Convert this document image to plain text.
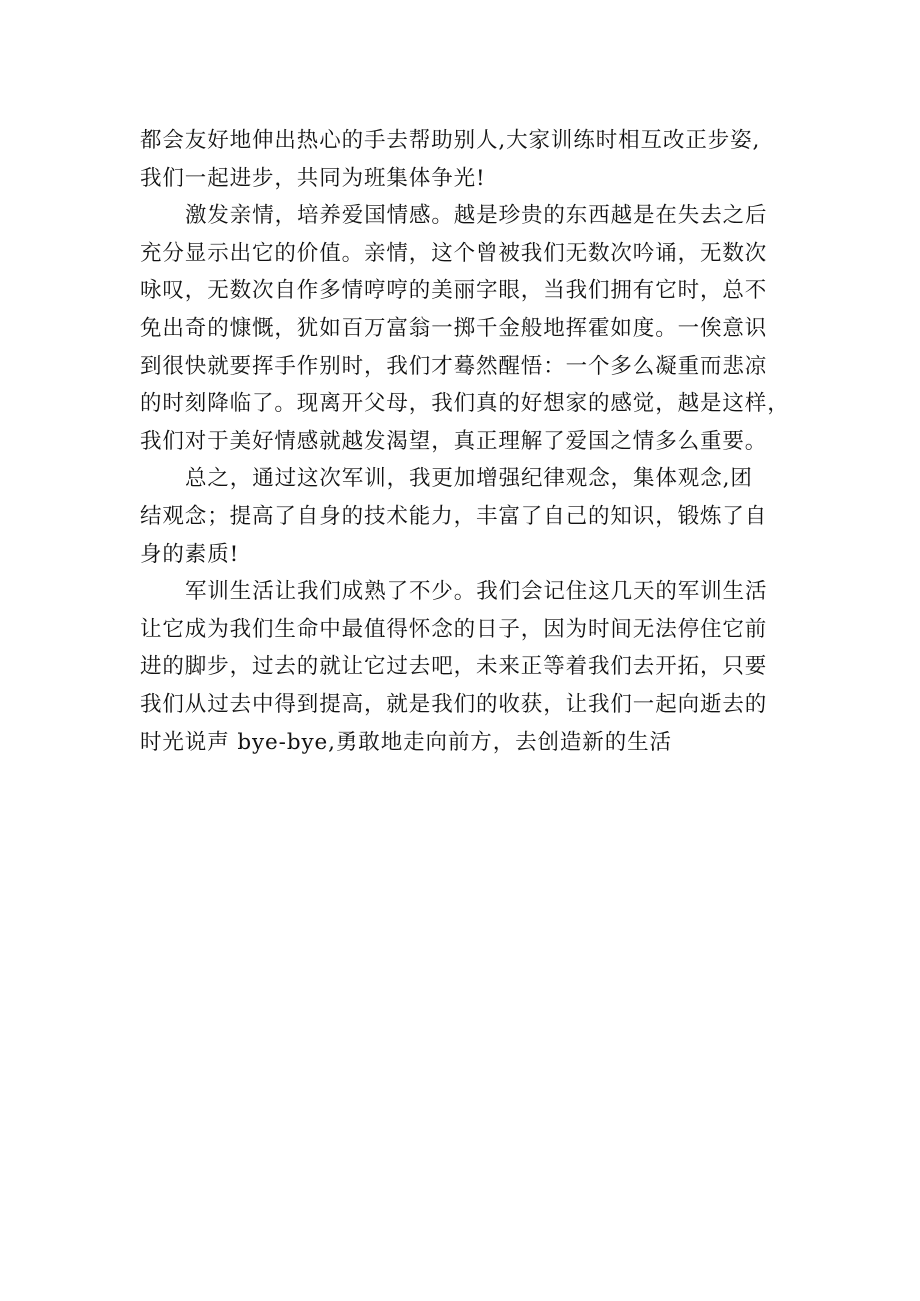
都会友好地伸出热心的手去帮助别人,大家训练时相互改正步姿,
我们一起进步，共同为班集体争光!
激发亲情，培养爱国情感。越是珍贵的东西越是在失去之后
充分显示出它的价值。亲情，这个曾被我们无数次吟诵，无数次
咏叹，无数次自作多情哼哼的美丽字眼，当我们拥有它时，总不
免出奇的慷慨，犹如百万富翁一掷千金般地挥霍如度。一俟意识
到很快就要挥手作别时，我们才蓦然醒悟：一个多么凝重而悲凉
的时刻降临了。现离开父母，我们真的好想家的感觉，越是这样，
我们对于美好情感就越发渴望，真正理解了爱国之情多么重要。
总之，通过这次军训，我更加增强纪律观念，集体观念,团
结观念；提高了自身的技术能力，丰富了自己的知识，锻炼了自
身的素质!
军训生活让我们成熟了不少。我们会记住这几天的军训生活
让它成为我们生命中最值得怀念的日子，因为时间无法停住它前
进的脚步，过去的就让它过去吧，未来正等着我们去开拓，只要
我们从过去中得到提高，就是我们的收获，让我们一起向逝去的
时光说声 bye-bye,勇敢地走向前方，去创造新的生活
